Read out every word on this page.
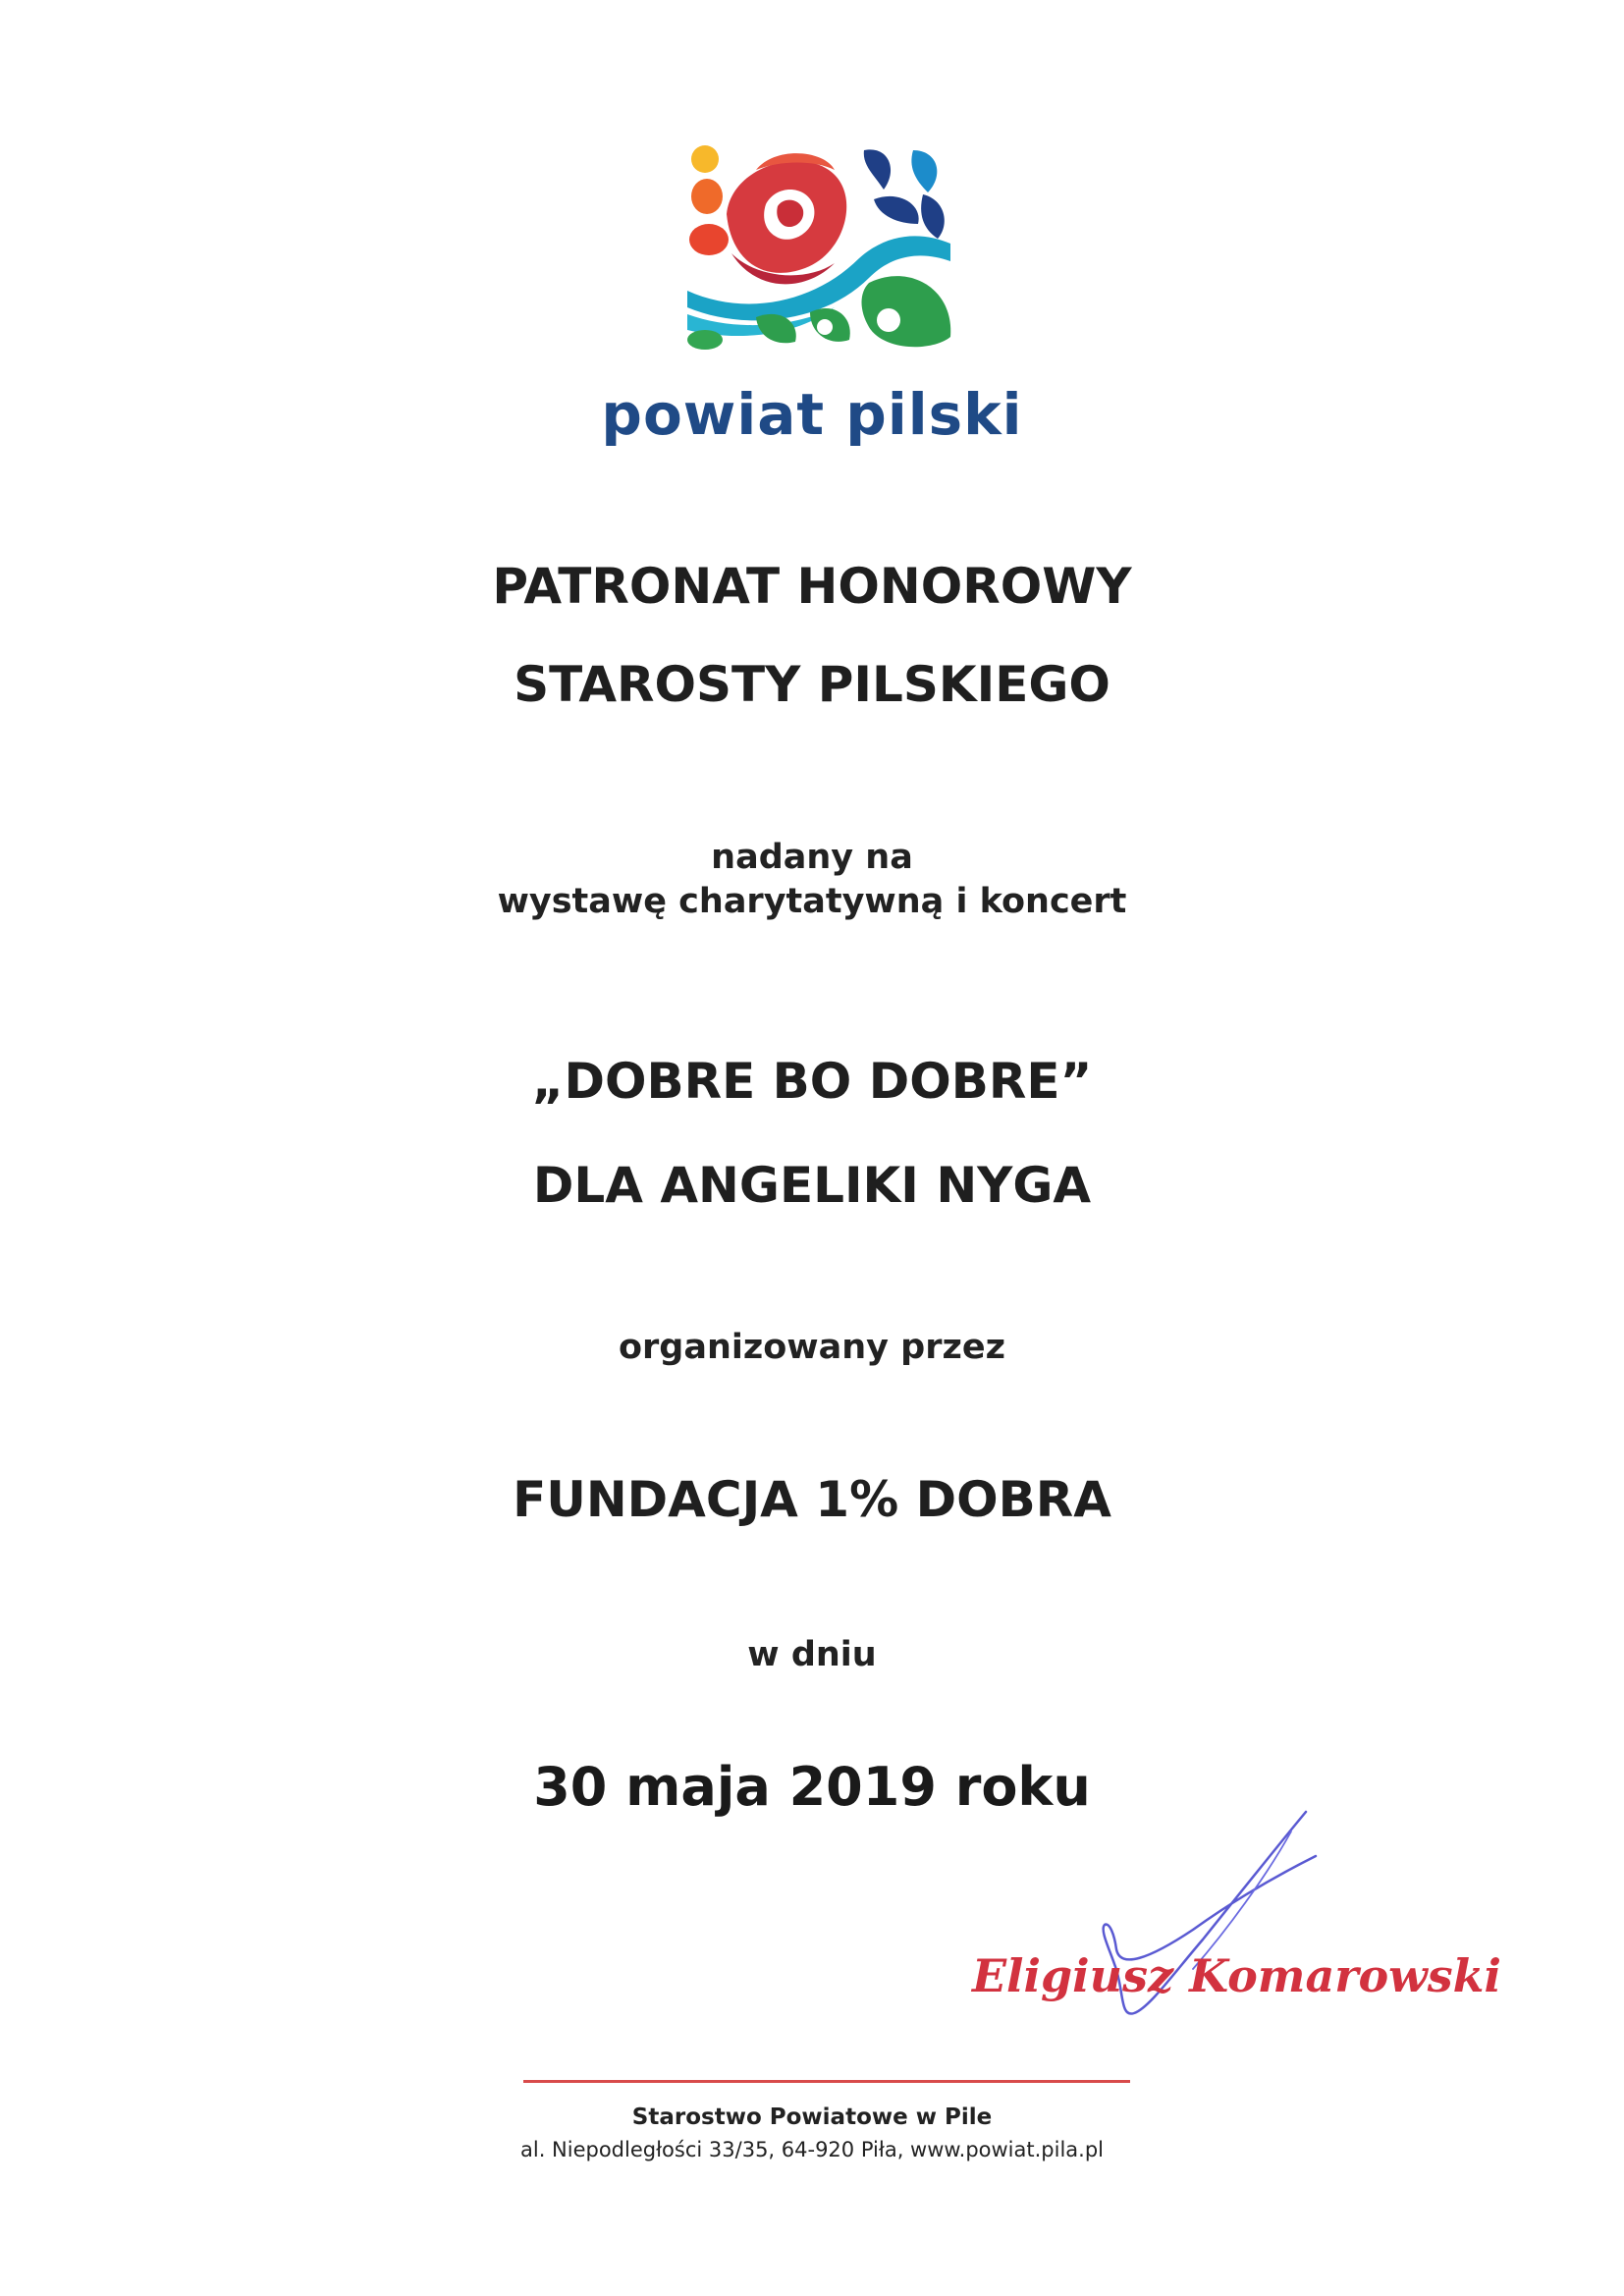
powiat pilski
PATRONAT HONOROWY
STAROSTY PILSKIEGO
nadany na
wystawę charytatywną i koncert
„DOBRE BO DOBRE”
DLA ANGELIKI NYGA
organizowany przez
FUNDACJA 1% DOBRA
w dniu
30 maja 2019 roku
Eligiusz Komarowski
Starostwo Powiatowe w Pile
al. Niepodległości 33/35, 64-920 Piła, www.powiat.pila.pl
